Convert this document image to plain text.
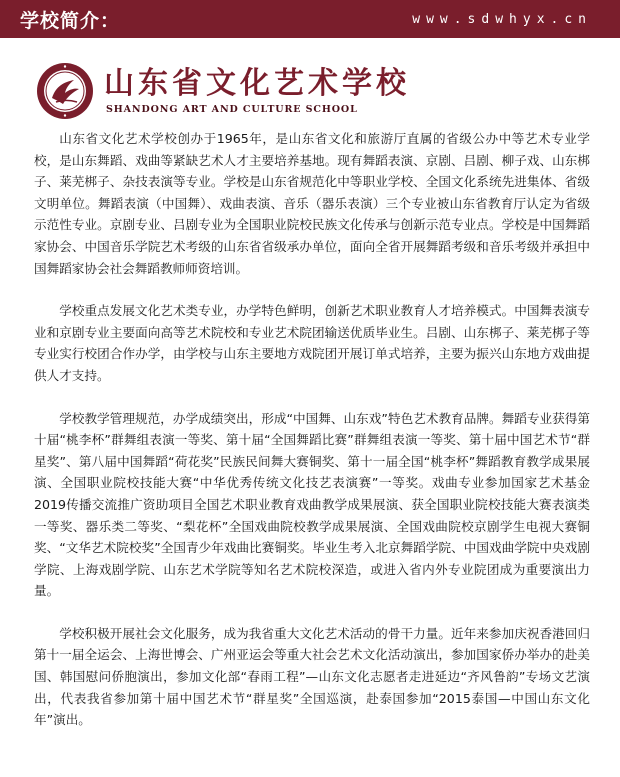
学校简介：	www.sdwhyx.cn
山东省文化艺术学校
SHANDONG ART AND CULTURE SCHOOL

山东省文化艺术学校创办于1965年，是山东省文化和旅游厅直属的省级公办中等艺术专业学校，是山东舞蹈、戏曲等紧缺艺术人才主要培养基地。现有舞蹈表演、京剧、吕剧、柳子戏、山东梆子、莱芜梆子、杂技表演等专业。学校是山东省规范化中等职业学校、全国文化系统先进集体、省级文明单位。舞蹈表演（中国舞）、戏曲表演、音乐（器乐表演）三个专业被山东省教育厅认定为省级示范性专业。京剧专业、吕剧专业为全国职业院校民族文化传承与创新示范专业点。学校是中国舞蹈家协会、中国音乐学院艺术考级的山东省省级承办单位，面向全省开展舞蹈考级和音乐考级并承担中国舞蹈家协会社会舞蹈教师师资培训。

学校重点发展文化艺术类专业，办学特色鲜明，创新艺术职业教育人才培养模式。中国舞表演专业和京剧专业主要面向高等艺术院校和专业艺术院团输送优质毕业生。吕剧、山东梆子、莱芜梆子等专业实行校团合作办学，由学校与山东主要地方戏院团开展订单式培养，主要为振兴山东地方戏曲提供人才支持。

学校教学管理规范，办学成绩突出，形成“中国舞、山东戏”特色艺术教育品牌。舞蹈专业获得第十届“桃李杯”群舞组表演一等奖、第十届“全国舞蹈比赛”群舞组表演一等奖、第十届中国艺术节“群星奖”、第八届中国舞蹈“荷花奖”民族民间舞大赛铜奖、第十一届全国“桃李杯”舞蹈教育教学成果展演、全国职业院校技能大赛“中华优秀传统文化技艺表演赛”一等奖。戏曲专业参加国家艺术基金2019传播交流推广资助项目全国艺术职业教育戏曲教学成果展演、获全国职业院校技能大赛表演类一等奖、器乐类二等奖、“梨花杯”全国戏曲院校教学成果展演、全国戏曲院校京剧学生电视大赛铜奖、“文华艺术院校奖”全国青少年戏曲比赛铜奖。毕业生考入北京舞蹈学院、中国戏曲学院中央戏剧学院、上海戏剧学院、山东艺术学院等知名艺术院校深造，或进入省内外专业院团成为重要演出力量。

学校积极开展社会文化服务，成为我省重大文化艺术活动的骨干力量。近年来参加庆祝香港回归第十一届全运会、上海世博会、广州亚运会等重大社会艺术文化活动演出，参加国家侨办举办的赴美国、韩国慰问侨胞演出，参加文化部“春雨工程”—山东文化志愿者走进延边“齐风鲁韵”专场文艺演出，代表我省参加第十届中国艺术节“群星奖”全国巡演，赴泰国参加“2015泰国—中国山东文化年”演出。
